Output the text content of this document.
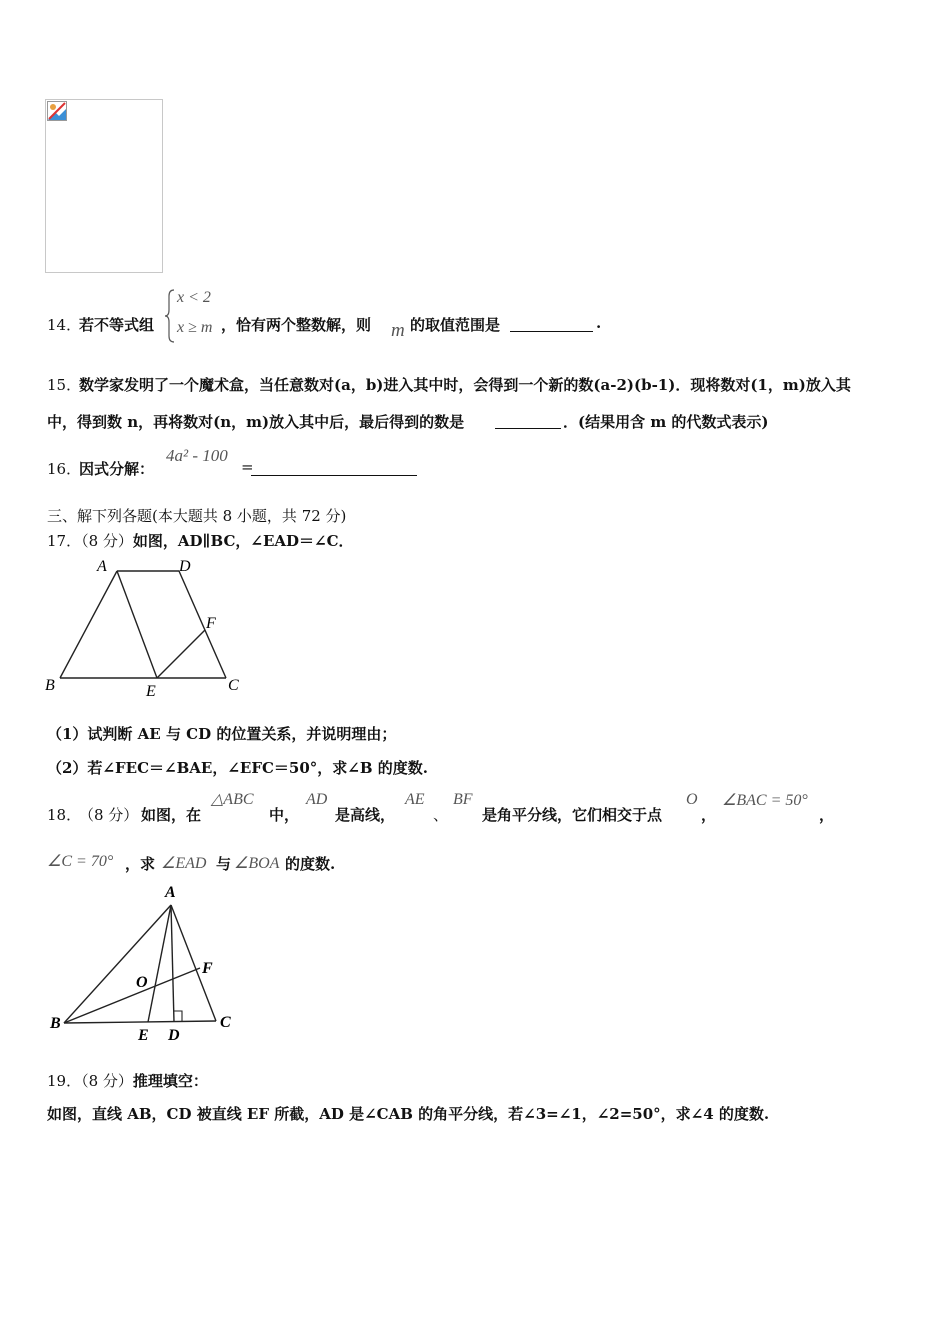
14．
若不等式组
x < 2
x ≥ m ，恰有两个整数解，则 m 的取值范围是	.
15．
数学家发明了一个魔术盒，当任意数对(a，b)进入其中时，会得到一个新的数(a-2)(b-1)．现将数对(1，m)放入其
中，得到数 n，再将数对(n，m)放入其中后，最后得到的数是	．(结果用含 m 的代数式表示)
16．
因式分解：
4a² - 100
=
三、解下列各题(本大题共 8 小题，共 72 分)
17．（8 分）如图，AD∥BC，∠EAD＝∠C．
A	D
F
B	E	C
（1）试判断 AE 与 CD 的位置关系，并说明理由；
（2）若∠FEC＝∠BAE，∠EFC＝50°，求∠B 的度数.
18．
（8 分） 如图，在
△ABC
中，
AD
是高线，
AE
、
BF
是角平分线，它们相交于点
O
，
∠BAC = 50°
，
∠C = 70° ，求 ∠EAD 与 ∠BOA 的度数.
A
O
F
B
E D
C
19．（8 分）推理填空：
如图，直线 AB，CD 被直线 EF 所截，AD 是∠CAB 的角平分线，若∠3=∠1，∠2=50°，求∠4 的度数.
